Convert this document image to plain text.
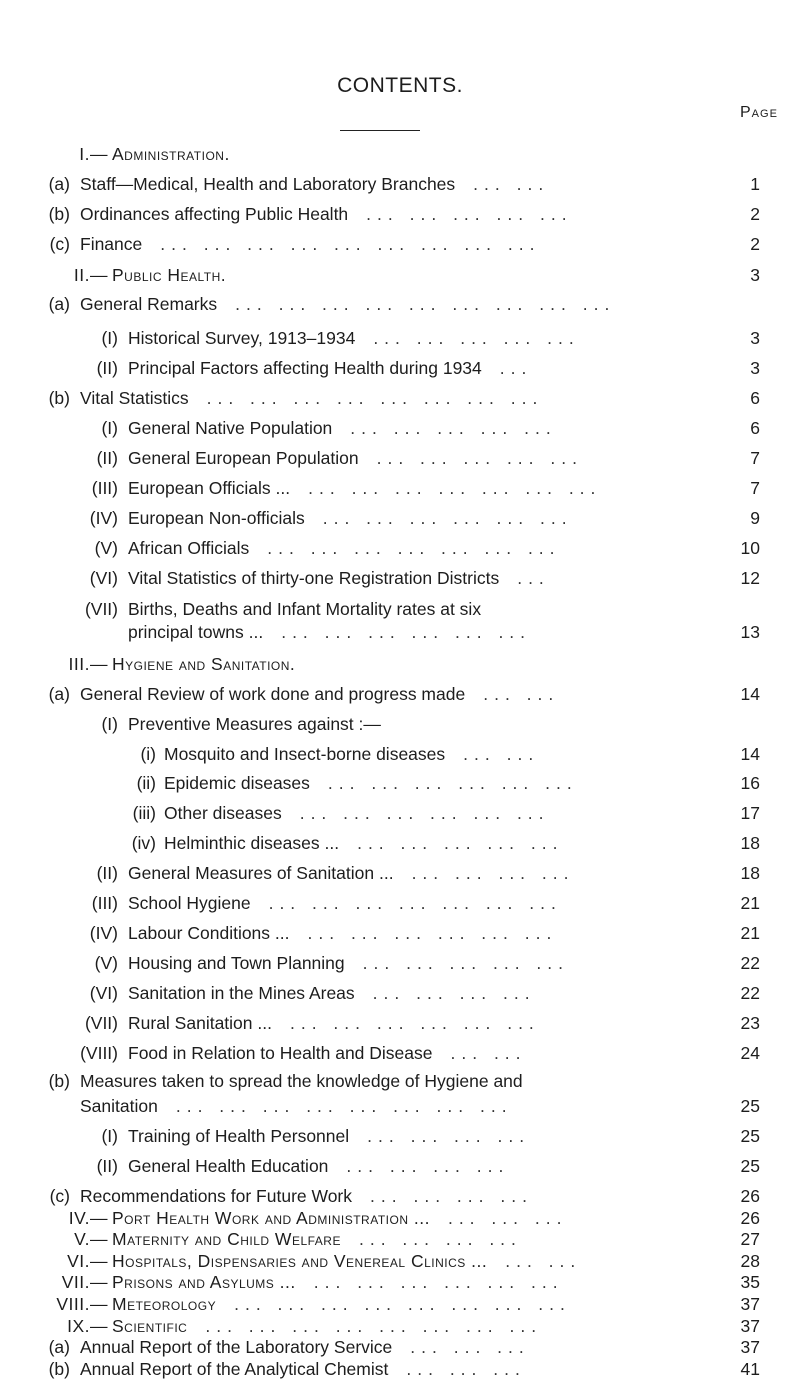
CONTENTS.
Page
I.— Administration.
(a) Staff—Medical, Health and Laboratory Branches ... ...	1
(b) Ordinances affecting Public Health ... ... ... ... ...	2
(c) Finance ... ... ... ... ... ... ... ... ...	2
II.— Public Health.	3
(a) General Remarks ... ... ... ... ... ... ... ... ...
(I) Historical Survey, 1913–1934 ... ... ... ... ...	3
(II) Principal Factors affecting Health during 1934 ...	3
(b) Vital Statistics ... ... ... ... ... ... ... ...	6
(I) General Native Population ... ... ... ... ...	6
(II) General European Population ... ... ... ... ...	7
(III) European Officials ... ... ... ... ... ... ... ...	7
(IV) European Non-officials ... ... ... ... ... ...	9
(V) African Officials ... ... ... ... ... ... ...	10
(VI) Vital Statistics of thirty-one Registration Districts ...	12
(VII) Births, Deaths and Infant Mortality rates at six
principal towns ... ... ... ... ... ... ...	13
III.— Hygiene and Sanitation.
(a) General Review of work done and progress made ... ...	14
(I) Preventive Measures against :—
(i) Mosquito and Insect-borne diseases ... ...	14
(ii) Epidemic diseases ... ... ... ... ... ...	16
(iii) Other diseases ... ... ... ... ... ...	17
(iv) Helminthic diseases ... ... ... ... ... ...	18
(II) General Measures of Sanitation ... ... ... ... ...	18
(III) School Hygiene ... ... ... ... ... ... ...	21
(IV) Labour Conditions ... ... ... ... ... ... ...	21
(V) Housing and Town Planning ... ... ... ... ...	22
(VI) Sanitation in the Mines Areas ... ... ... ...	22
(VII) Rural Sanitation ... ... ... ... ... ... ...	23
(VIII) Food in Relation to Health and Disease ... ...	24
(b) Measures taken to spread the knowledge of Hygiene and
Sanitation ... ... ... ... ... ... ... ...	25
(I) Training of Health Personnel ... ... ... ...	25
(II) General Health Education ... ... ... ...	25
(c) Recommendations for Future Work ... ... ... ...	26
IV.— Port Health Work and Administration ... ... ... ...	26
V.— Maternity and Child Welfare ... ... ... ...	27
VI.— Hospitals, Dispensaries and Venereal Clinics ... ... ...	28
VII.— Prisons and Asylums ... ... ... ... ... ... ...	35
VIII.— Meteorology ... ... ... ... ... ... ... ...	37
IX.— Scientific ... ... ... ... ... ... ... ...	37
(a) Annual Report of the Laboratory Service ... ... ...	37
(b) Annual Report of the Analytical Chemist ... ... ...	41
